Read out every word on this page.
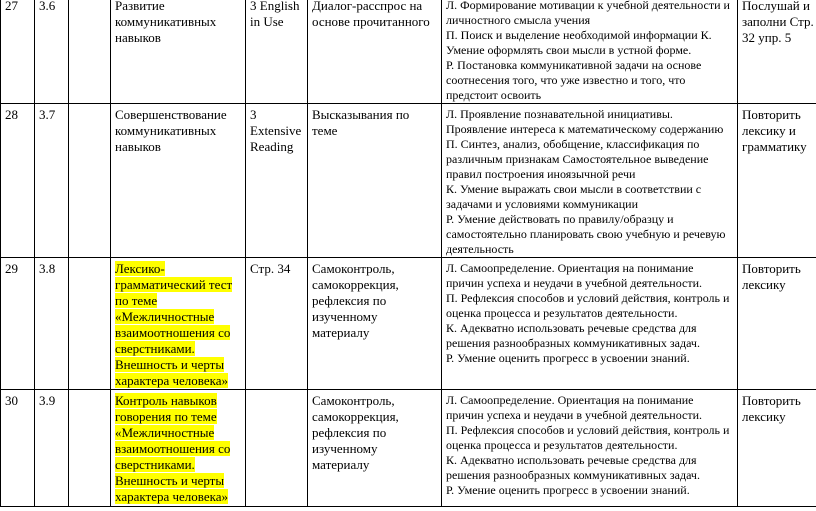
27	3.6		Развитие коммуникативных навыков	3 English in Use	Диалог-расспрос на основе прочитанного	Л. Формирование мотивации к учебной деятельности и личностного смысла учения
П. Поиск и выделение необходимой информации К. Умение оформлять свои мысли в устной форме.
Р. Постановка коммуникативной задачи на основе соотнесения того, что уже известно и того, что предстоит освоить	Послушай и заполни Стр. 32 упр. 5
28	3.7		Совершенствование коммуникативных навыков	3 Extensive Reading	Высказывания по теме	Л. Проявление познавательной инициативы. Проявление интереса к математическому содержанию
П. Синтез, анализ, обобщение, классификация по различным признакам Самостоятельное выведение правил построения иноязычной речи
К. Умение выражать свои мысли в соответствии с задачами и условиями коммуникации
Р. Умение действовать по правилу/образцу и самостоятельно планировать свою учебную и речевую деятельность	Повторить лексику и грамматику
29	3.8		Лексико-грамматический тест по теме «Межличностные взаимоотношения со сверстниками. Внешность и черты характера человека»	Стр. 34	Самоконтроль, самокоррекция, рефлексия по изученному материалу	Л. Самоопределение. Ориентация на понимание причин успеха и неудачи в учебной деятельности.
П. Рефлексия способов и условий действия, контроль и оценка процесса и результатов деятельности.
К. Адекватно использовать речевые средства для решения разнообразных коммуникативных задач.
Р. Умение оценить прогресс в усвоении знаний.	Повторить лексику
30	3.9		Контроль навыков говорения по теме «Межличностные взаимоотношения со сверстниками. Внешность и черты характера человека»		Самоконтроль, самокоррекция, рефлексия по изученному материалу	Л. Самоопределение. Ориентация на понимание причин успеха и неудачи в учебной деятельности.
П. Рефлексия способов и условий действия, контроль и оценка процесса и результатов деятельности.
К. Адекватно использовать речевые средства для решения разнообразных коммуникативных задач.
Р. Умение оценить прогресс в усвоении знаний.	Повторить лексику
